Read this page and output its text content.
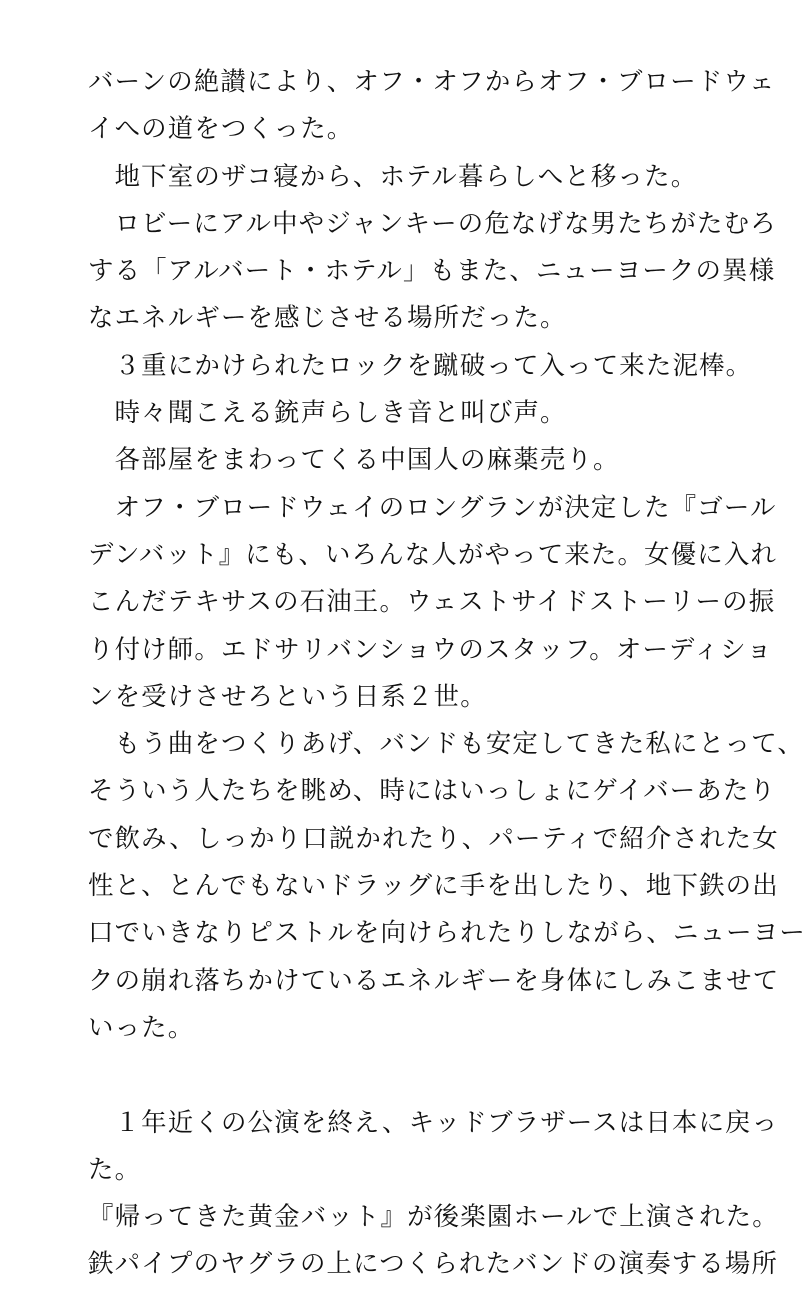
バーンの絶讃により、オフ・オフからオフ・ブロードウェ
イへの道をつくった。
　地下室のザコ寝から、ホテル暮らしへと移った。
　ロビーにアル中やジャンキーの危なげな男たちがたむろ
する「アルバート・ホテル」もまた、ニューヨークの異様
なエネルギーを感じさせる場所だった。
　３重にかけられたロックを蹴破って入って来た泥棒。
　時々聞こえる銃声らしき音と叫び声。
　各部屋をまわってくる中国人の麻薬売り。
　オフ・ブロードウェイのロングランが決定した『ゴール
デンバット』にも、いろんな人がやって来た。女優に入れ
こんだテキサスの石油王。ウェストサイドストーリーの振
り付け師。エドサリバンショウのスタッフ。オーディショ
ンを受けさせろという日系２世。
　もう曲をつくりあげ、バンドも安定してきた私にとって、
そういう人たちを眺め、時にはいっしょにゲイバーあたり
で飲み、しっかり口説かれたり、パーティで紹介された女
性と、とんでもないドラッグに手を出したり、地下鉄の出
口でいきなりピストルを向けられたりしながら、ニューヨー
クの崩れ落ちかけているエネルギーを身体にしみこませて
いった。
　１年近くの公演を終え、キッドブラザースは日本に戻っ
た。
『帰ってきた黄金バット』が後楽園ホールで上演された。
鉄パイプのヤグラの上につくられたバンドの演奏する場所
